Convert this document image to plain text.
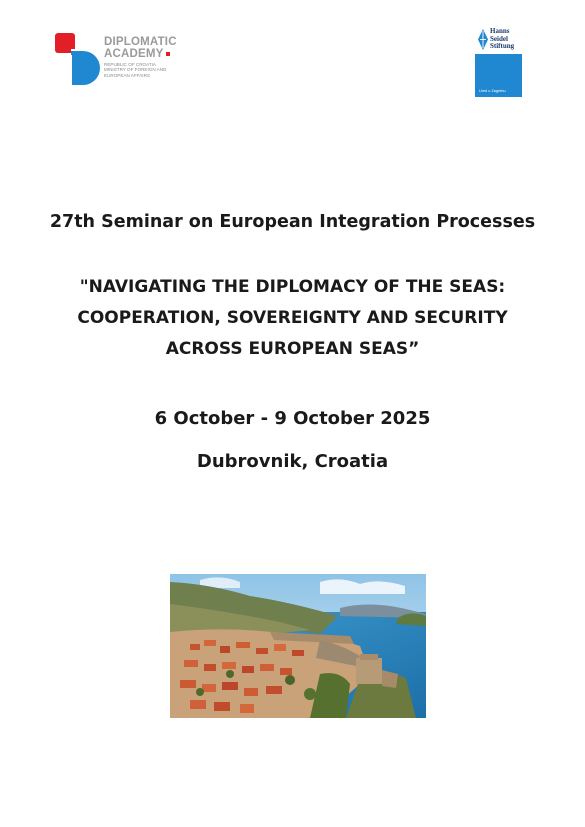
DIPLOMATIC
ACADEMY
REPUBLIC OF CROATIA
MINISTRY OF FOREIGN AND
EUROPEAN AFFAIRS
Hanns
Seidel
Stiftung
Ured u Zagrebu
27th Seminar on European Integration Processes
"NAVIGATING THE DIPLOMACY OF THE SEAS:
COOPERATION, SOVEREIGNTY AND SECURITY
ACROSS EUROPEAN SEAS”
6 October - 9 October 2025
Dubrovnik, Croatia
